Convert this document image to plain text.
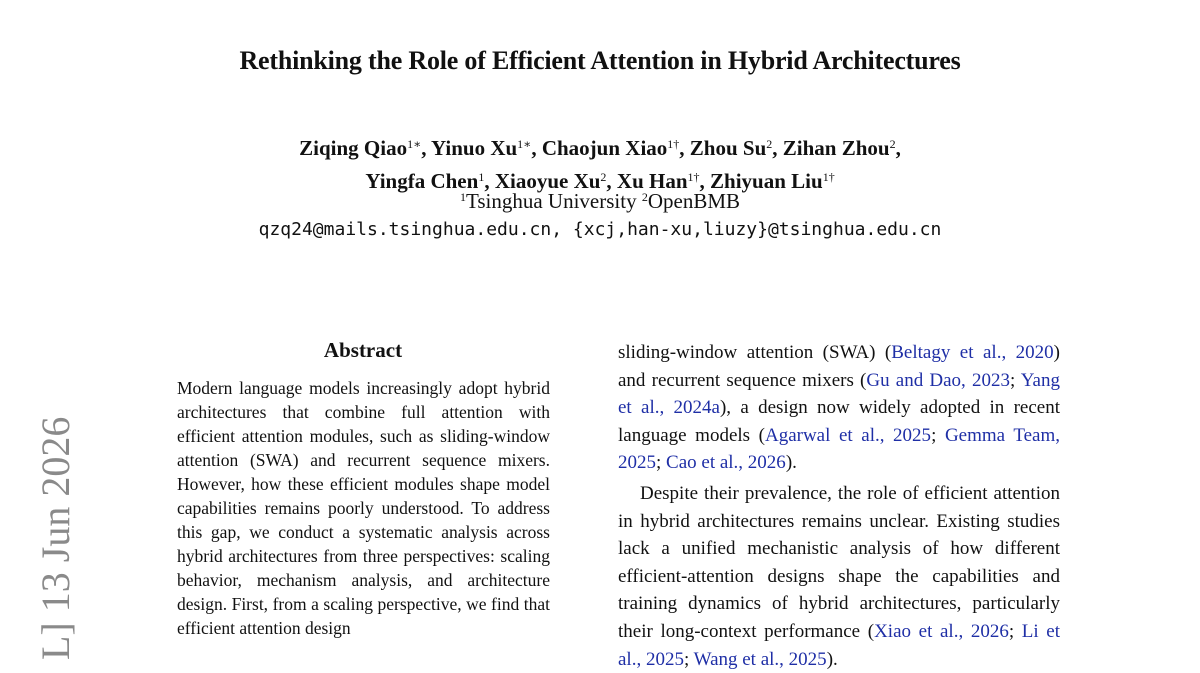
L] 13 Jun 2026
Rethinking the Role of Efficient Attention in Hybrid Architectures
Ziqing Qiao$^{1∗}$, Yinuo $Xu^{1∗}$, Chaojun Xiao$^{1\dagger}$, Zhou Su$^2$, Zihan Zhou$^2$,
Yingfa Chen$^1$, Xiaoyue Xu$^2$, Xu Han$^{1\dagger}$, Zhiyuan Liu$^{1\dagger}$
$^1$Tsinghua University $^2$OpenBMB
qzq24@mails.tsinghua.edu.cn, {xcj,han-xu,liuzy}@tsinghua.edu.cn
Abstract
Modern language models increasingly adopt hybrid architectures that combine full attention with efficient attention modules, such as sliding-window attention (SWA) and recurrent sequence mixers. However, how these efficient modules shape model capabilities remains poorly understood. To address this gap, we conduct a systematic analysis across hybrid architectures from three perspectives: scaling behavior, mechanism analysis, and architecture design. First, from a scaling perspective, we find that efficient attention design

sliding-window attention (SWA) (Beltagy et al., 2020) and recurrent sequence mixers (Gu and Dao, 2023; Yang et al., 2024a), a design now widely adopted in recent language models (Agarwal et al., 2025; Gemma Team, 2025; Cao et al., 2026).

Despite their prevalence, the role of efficient attention in hybrid architectures remains unclear. Existing studies lack a unified mechanistic analysis of how different efficient-attention designs shape the capabilities and training dynamics of hybrid architectures, particularly their long-context performance (Xiao et al., 2026; Li et al., 2025; Wang et al., 2025).
